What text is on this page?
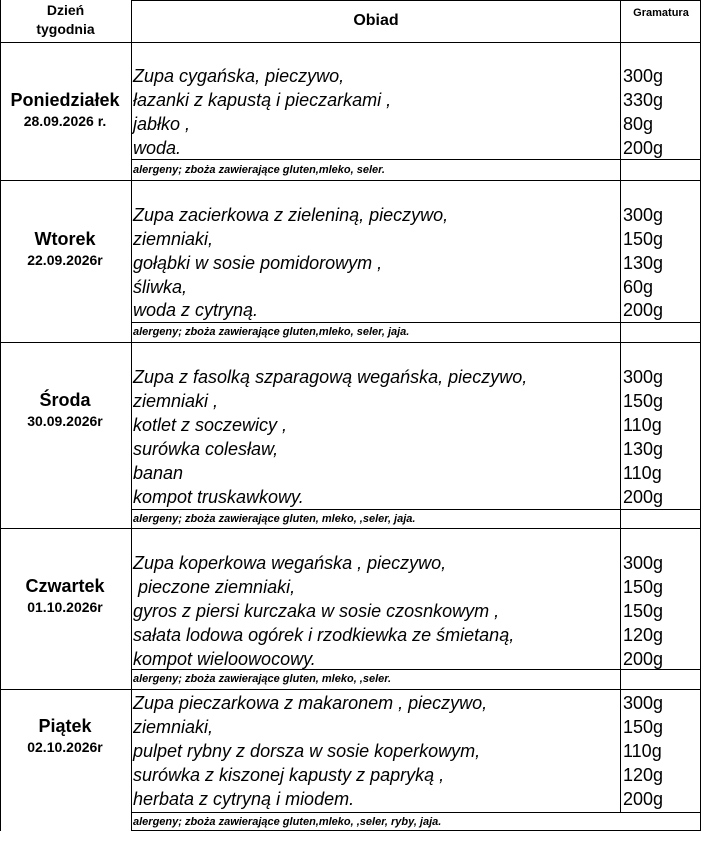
Dzień
tygodnia	Obiad	Gramatura
Poniedziałek
28.09.2026 r.
Zupa cygańska, pieczywo,
łazanki z kapustą i pieczarkami ,
jabłko ,
woda.
300g
330g
80g
200g
alergeny; zboża zawierające gluten,mleko, seler.
Wtorek
22.09.2026r
Zupa zacierkowa z zieleniną, pieczywo,
ziemniaki,
gołąbki w sosie pomidorowym ,
śliwka,
woda z cytryną.
300g
150g
130g
60g
200g
alergeny; zboża zawierające gluten,mleko, seler, jaja.
Środa
30.09.2026r
Zupa z fasolką szparagową wegańska, pieczywo,
ziemniaki ,
kotlet z soczewicy ,
surówka colesław,
banan
kompot truskawkowy.
300g
150g
110g
130g
110g
200g
alergeny; zboża zawierające gluten, mleko, ,seler, jaja.
Czwartek
01.10.2026r
Zupa koperkowa wegańska , pieczywo,
pieczone ziemniaki,
gyros z piersi kurczaka w sosie czosnkowym ,
sałata lodowa ogórek i rzodkiewka ze śmietaną,
kompot wieloowocowy.
300g
150g
150g
120g
200g
alergeny; zboża zawierające gluten, mleko, ,seler.
Piątek
02.10.2026r
Zupa pieczarkowa z makaronem , pieczywo,
ziemniaki,
pulpet rybny z dorsza w sosie koperkowym,
surówka z kiszonej kapusty z papryką ,
herbata z cytryną i miodem.
300g
150g
110g
120g
200g
alergeny; zboża zawierające gluten,mleko, ,seler, ryby, jaja.
